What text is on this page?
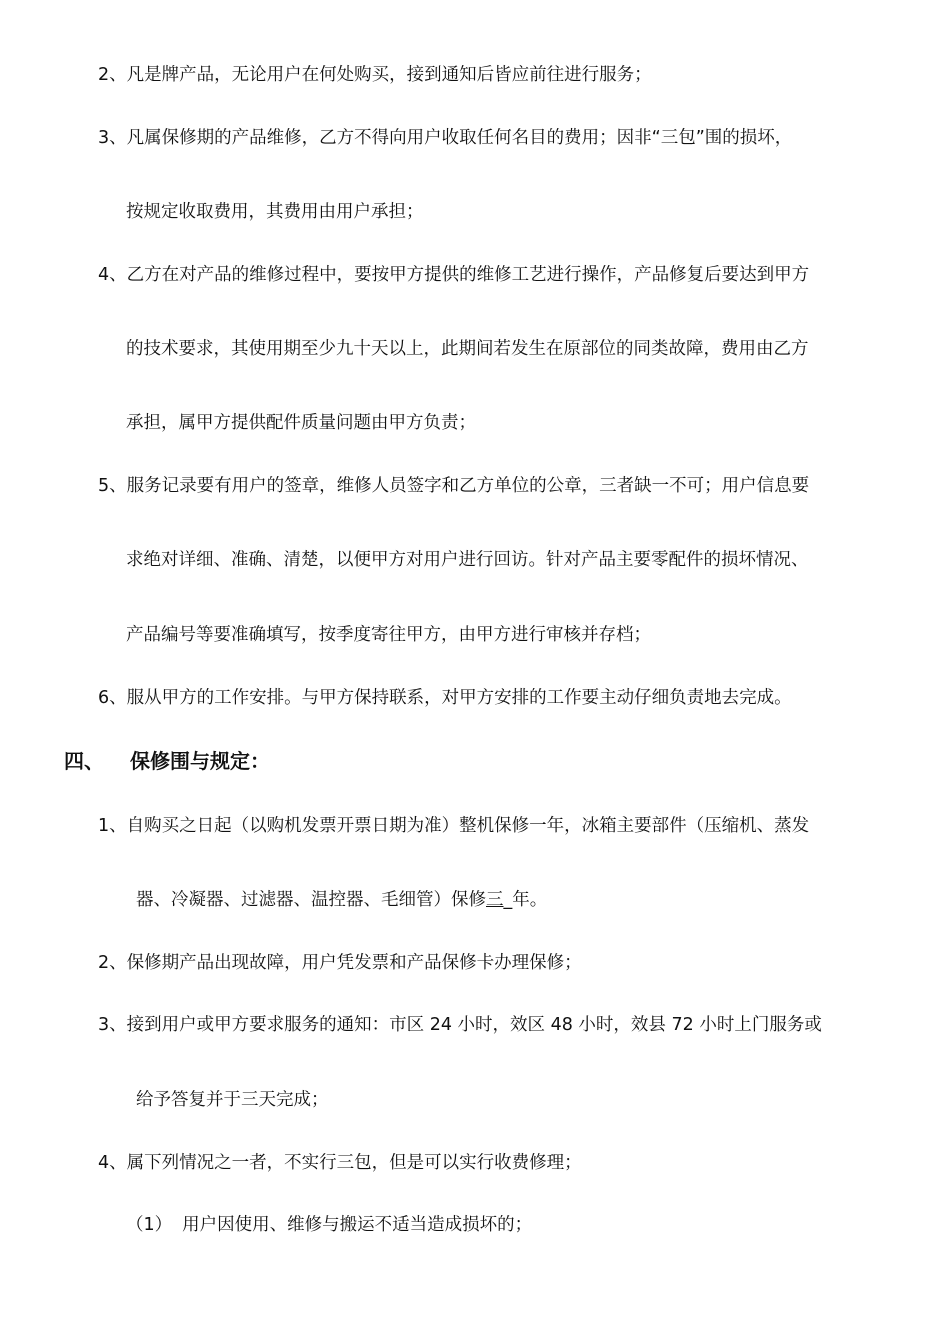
2、凡是牌产品，无论用户在何处购买，接到通知后皆应前往进行服务；

3、凡属保修期的产品维修，乙方不得向用户收取任何名目的费用；因非“三包”围的损坏，

按规定收取费用，其费用由用户承担；

4、乙方在对产品的维修过程中，要按甲方提供的维修工艺进行操作，产品修复后要达到甲方

的技术要求，其使用期至少九十天以上，此期间若发生在原部位的同类故障，费用由乙方

承担，属甲方提供配件质量问题由甲方负责；

5、服务记录要有用户的签章，维修人员签字和乙方单位的公章，三者缺一不可；用户信息要

求绝对详细、准确、清楚，以便甲方对用户进行回访。针对产品主要零配件的损坏情况、

产品编号等要准确填写，按季度寄往甲方，由甲方进行审核并存档；

6、服从甲方的工作安排。与甲方保持联系，对甲方安排的工作要主动仔细负责地去完成。

四、 保修围与规定：

1、自购买之日起（以购机发票开票日期为准）整机保修一年，冰箱主要部件（压缩机、蒸发

器、冷凝器、过滤器、温控器、毛细管）保修三_年。

2、保修期产品出现故障，用户凭发票和产品保修卡办理保修；

3、接到用户或甲方要求服务的通知：市区 24 小时，效区 48 小时，效县 72 小时上门服务或

给予答复并于三天完成；

4、属下列情况之一者，不实行三包，但是可以实行收费修理；

（1） 用户因使用、维修与搬运不适当造成损坏的；
